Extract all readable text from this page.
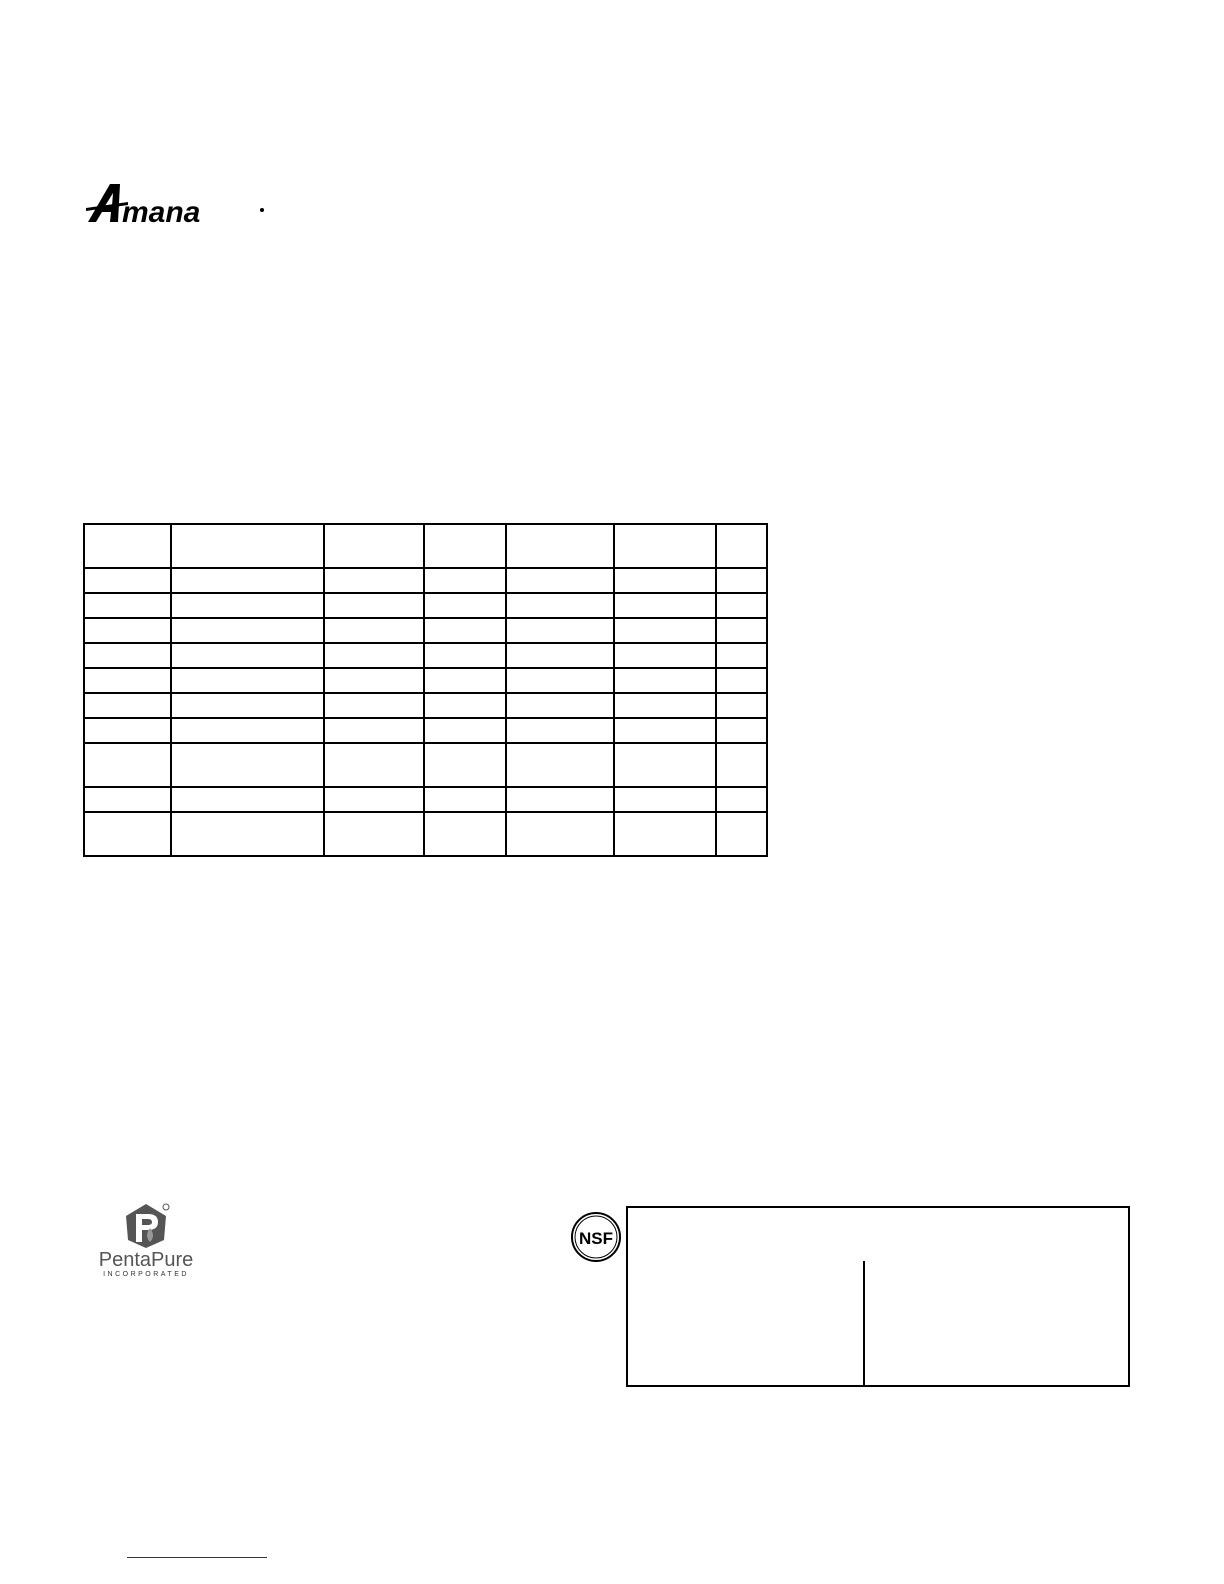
mana

PentaPure
INCORPORATED
NSF
